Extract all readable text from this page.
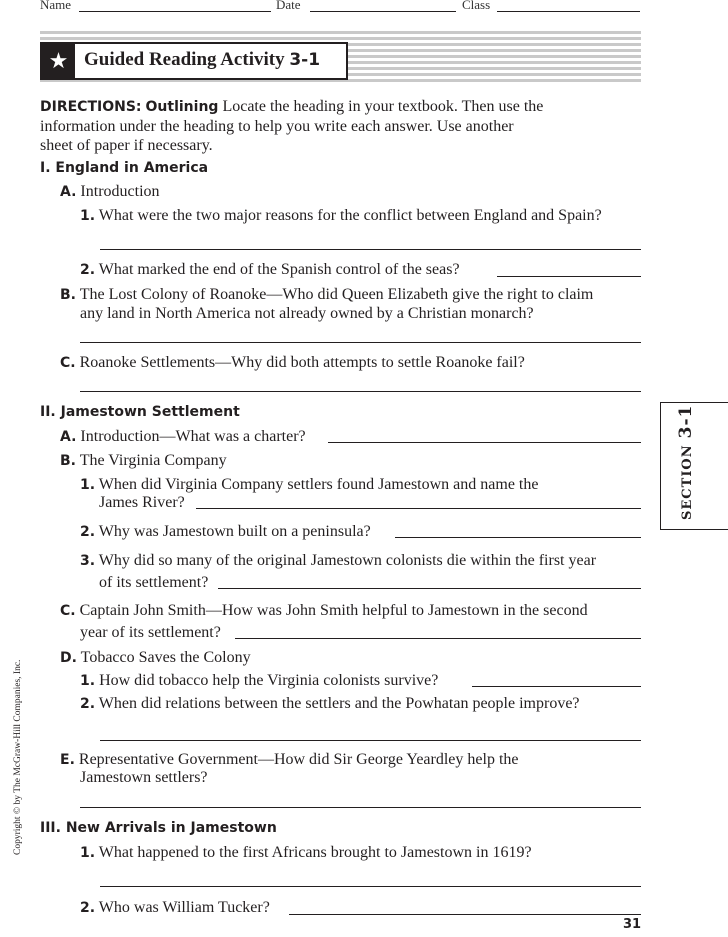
Name	Date	Class
★ Guided Reading Activity 3-1
DIRECTIONS: Outlining Locate the heading in your textbook. Then use the
information under the heading to help you write each answer. Use another
sheet of paper if necessary.
I. England in America
A. Introduction
1. What were the two major reasons for the conflict between England and Spain?
2. What marked the end of the Spanish control of the seas?
B. The Lost Colony of Roanoke—Who did Queen Elizabeth give the right to claim
any land in North America not already owned by a Christian monarch?
C. Roanoke Settlements—Why did both attempts to settle Roanoke fail?
II. Jamestown Settlement
A. Introduction—What was a charter?
B. The Virginia Company
1. When did Virginia Company settlers found Jamestown and name the
James River?
2. Why was Jamestown built on a peninsula?
3. Why did so many of the original Jamestown colonists die within the first year
of its settlement?
C. Captain John Smith—How was John Smith helpful to Jamestown in the second
year of its settlement?
D. Tobacco Saves the Colony
1. How did tobacco help the Virginia colonists survive?
2. When did relations between the settlers and the Powhatan people improve?
E. Representative Government—How did Sir George Yeardley help the
Jamestown settlers?
III. New Arrivals in Jamestown
1. What happened to the first Africans brought to Jamestown in 1619?
2. Who was William Tucker?
SECTION3-1
Copyright © by The McGraw-Hill Companies, Inc.
31
